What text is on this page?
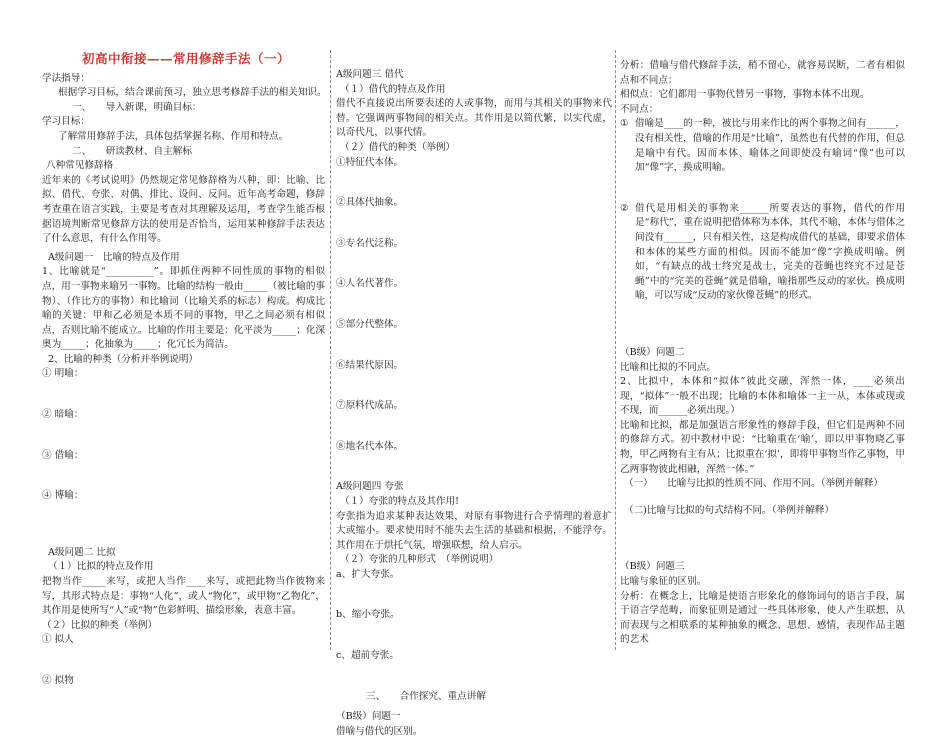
初高中衔接——常用修辞手法（一）
学法指导：
根据学习目标，结合课前预习，独立思考修辞手法的相关知识。
一、　　导入新课，明确目标：
学习目标：
了解常用修辞手法，具体包括掌握名称、作用和特点。
二、　　研读教材、自主解标
八种常见修辞格
近年来的《考试说明》仍然规定常见修辞格为八种，即：比喻、比拟、借代、夸张、对偶、排比、设问、反问。近年高考命题，修辞考查重在语言实践，主要是考查对其理解及运用，考查学生能否根据语境判断常见修辞方法的使用是否恰当，运用某种修辞手法表达了什么意思，有什么作用等。
A级问题一　比喻的特点及作用
1、比喻就是“__________”。即抓住两种不同性质的事物的相似点，用一事物来喻另一事物。比喻的结构一般由_____（被比喻的事物）、（作比方的事物）和比喻词（比喻关系的标志）构成。构成比喻的关键：甲和乙必须是本质不同的事物，甲乙之间必须有相似点，否则比喻不能成立。比喻的作用主要是：化平淡为_____；化深奥为_____；化抽象为_____；化冗长为简洁。
2、比喻的种类（分析并举例说明）
① 明喻：
② 暗喻：
③ 借喻：
④ 博喻：
A级问题二 比拟
（１）比拟的特点及作用
把物当作_____来写，或把人当作____来写，或把此物当作彼物来写，其形式特点是：事物“人化”，或人“物化”，或甲物“乙物化”，其作用是使所写“人”或“物”色彩鲜明、描绘形象，表意丰富。
（２）比拟的种类（举例）
① 拟人
② 拟物
A级问题三 借代
（１）借代的特点及作用
借代不直接说出所要表述的人或事物，而用与其相关的事物来代替。它强调两事物间的相关点。其作用是以简代繁，以实代虚，以奇代凡，以事代情。
（２）借代的种类（举例）
①特征代本体。
②具体代抽象。
③专名代泛称。
④人名代著作。
⑤部分代整体。
⑥结果代原因。
⑦原料代成品。
⑧地名代本体。
A级问题四 夸张
（１）夸张的特点及其作用!
夸张指为追求某种表达效果，对原有事物进行合乎情理的着意扩大或缩小。要求使用时不能失去生活的基础和根据，不能浮夸。其作用在于烘托气氛，增强联想，给人启示。
（２）夸张的几种形式　（举例说明）
a、扩大夸张。
b、缩小夸张。
c、超前夸张。
三、　　合作探究、重点讲解
（B级）问题一
借喻与借代的区别。
分析：借喻与借代修辞手法，稍不留心，就容易误断，二者有相似点和不同点：
相似点：它们都用一事物代替另一事物，事物本体不出现。
不同点：
① 借喻是____的一种，被比与用来作比的两个事物之间有______，没有相关性，借喻的作用是“比喻”，虽然也有代替的作用，但总是喻中有代。因而本体、喻体之间即使没有喻词“像”也可以加“像”字，换成明喻。
② 借代是用相关的事物来______所要表达的事物，借代的作用是“称代”，重在说明把借体称为本体，其代不喻，本体与借体之间没有______，只有相关性，这是构成借代的基础，即要求借体和本体的某些方面的相似。因而不能加“像”字换成明喻。例如，“有缺点的战士终究是战士，完美的苍蝇也终究不过是苍蝇”中的“完美的苍蝇”就是借喻，喻指那些反动的家伙。换成明喻，可以写成“反动的家伙像苍蝇”的形式。
（B级）问题二
比喻和比拟的不同点。
2、比拟中，本体和“拟体”彼此交融，浑然一体，____必须出现，“拟体”一般不出现；比喻的本体和喻体一主一从，本体或现或不现，而______必须出现。）
比喻和比拟，都是加强语言形象性的修辞手段，但它们是两种不同的修辞方式。初中教材中说：“比喻重在‘喻’，即以甲事物晓乙事物，甲乙两物有主有从；比拟重在‘拟’，即将甲事物当作乙事物，甲乙两事物彼此相融，浑然一体。”
（一）　　比喻与比拟的性质不同、作用不同。（举例并解释）
（二)比喻与比拟的句式结构不同。（举例并解释）
（B级）问题三
比喻与象征的区别。
分析：在概念上，比喻是使语言形象化的修饰词句的语言手段，属于语言学范畴，而象征则是通过一些具体形象，使人产生联想，从而表现与之相联系的某种抽象的概念、思想、感情，表现作品主题的艺术
